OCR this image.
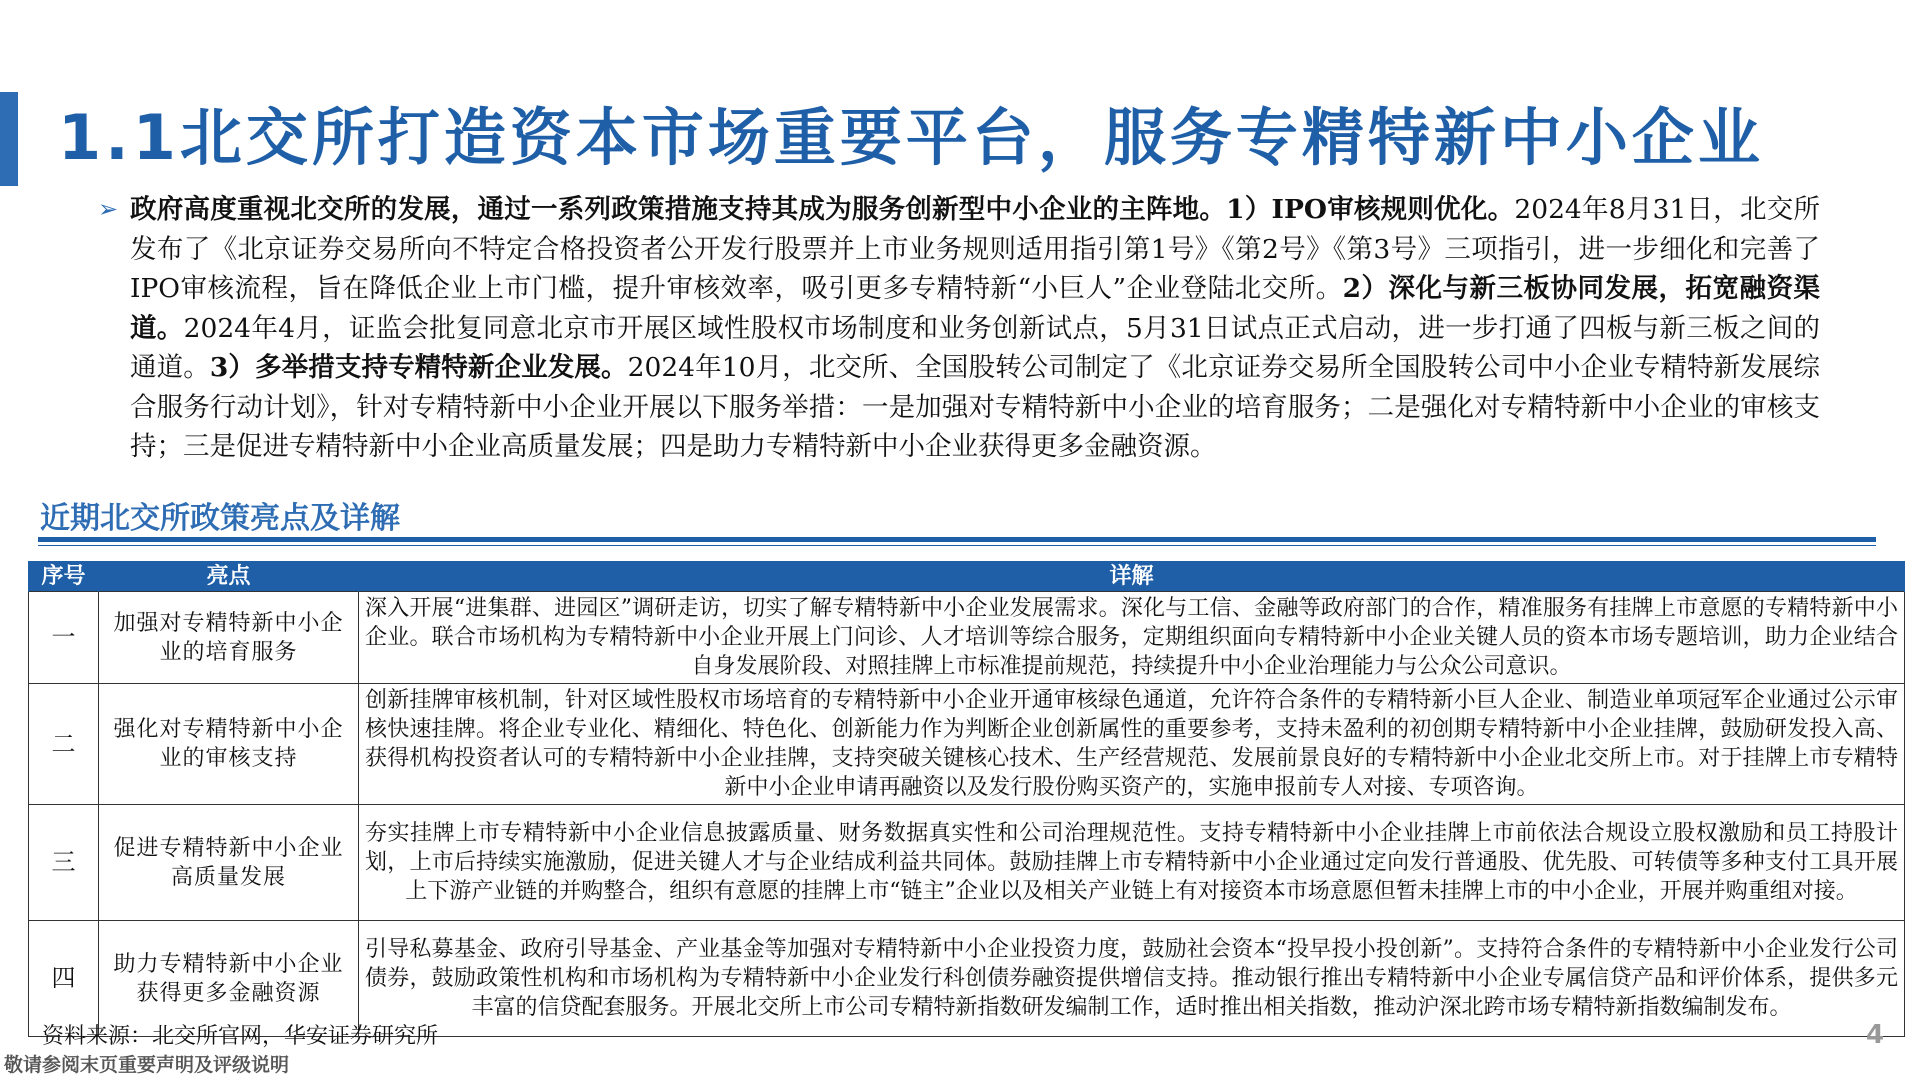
1.1北交所打造资本市场重要平台，服务专精特新中小企业
➢ 政府高度重视北交所的发展，通过一系列政策措施支持其成为服务创新型中小企业的主阵地。1）IPO审核规则优化。2024年8月31日，北交所发布了《北京证券交易所向不特定合格投资者公开发行股票并上市业务规则适用指引第1号》《第2号》《第3号》三项指引，进一步细化和完善了IPO审核流程，旨在降低企业上市门槛，提升审核效率，吸引更多专精特新“小巨人”企业登陆北交所。2）深化与新三板协同发展，拓宽融资渠道。2024年4月，证监会批复同意北京市开展区域性股权市场制度和业务创新试点，5月31日试点正式启动，进一步打通了四板与新三板之间的通道。3）多举措支持专精特新企业发展。2024年10月，北交所、全国股转公司制定了《北京证券交易所全国股转公司中小企业专精特新发展综合服务行动计划》，针对专精特新中小企业开展以下服务举措：一是加强对专精特新中小企业的培育服务；二是强化对专精特新中小企业的审核支持；三是促进专精特新中小企业高质量发展；四是助力专精特新中小企业获得更多金融资源。
近期北交所政策亮点及详解
序号	亮点	详解
一	加强对专精特新中小企业的培育服务	深入开展“进集群、进园区”调研走访，切实了解专精特新中小企业发展需求。深化与工信、金融等政府部门的合作，精准服务有挂牌上市意愿的专精特新中小企业。联合市场机构为专精特新中小企业开展上门问诊、人才培训等综合服务，定期组织面向专精特新中小企业关键人员的资本市场专题培训，助力企业结合自身发展阶段、对照挂牌上市标准提前规范，持续提升中小企业治理能力与公众公司意识。
二	强化对专精特新中小企业的审核支持	创新挂牌审核机制，针对区域性股权市场培育的专精特新中小企业开通审核绿色通道，允许符合条件的专精特新小巨人企业、制造业单项冠军企业通过公示审核快速挂牌。将企业专业化、精细化、特色化、创新能力作为判断企业创新属性的重要参考，支持未盈利的初创期专精特新中小企业挂牌，鼓励研发投入高、获得机构投资者认可的专精特新中小企业挂牌，支持突破关键核心技术、生产经营规范、发展前景良好的专精特新中小企业北交所上市。对于挂牌上市专精特新中小企业申请再融资以及发行股份购买资产的，实施申报前专人对接、专项咨询。
三	促进专精特新中小企业高质量发展	夯实挂牌上市专精特新中小企业信息披露质量、财务数据真实性和公司治理规范性。支持专精特新中小企业挂牌上市前依法合规设立股权激励和员工持股计划，上市后持续实施激励，促进关键人才与企业结成利益共同体。鼓励挂牌上市专精特新中小企业通过定向发行普通股、优先股、可转债等多种支付工具开展上下游产业链的并购整合，组织有意愿的挂牌上市“链主”企业以及相关产业链上有对接资本市场意愿但暂未挂牌上市的中小企业，开展并购重组对接。
四	助力专精特新中小企业获得更多金融资源	引导私募基金、政府引导基金、产业基金等加强对专精特新中小企业投资力度，鼓励社会资本“投早投小投创新”。支持符合条件的专精特新中小企业发行公司债券，鼓励政策性机构和市场机构为专精特新中小企业发行科创债券融资提供增信支持。推动银行推出专精特新中小企业专属信贷产品和评价体系，提供多元丰富的信贷配套服务。开展北交所上市公司专精特新指数研发编制工作，适时推出相关指数，推动沪深北跨市场专精特新指数编制发布。
资料来源：北交所官网，华安证券研究所	4
敬请参阅末页重要声明及评级说明
